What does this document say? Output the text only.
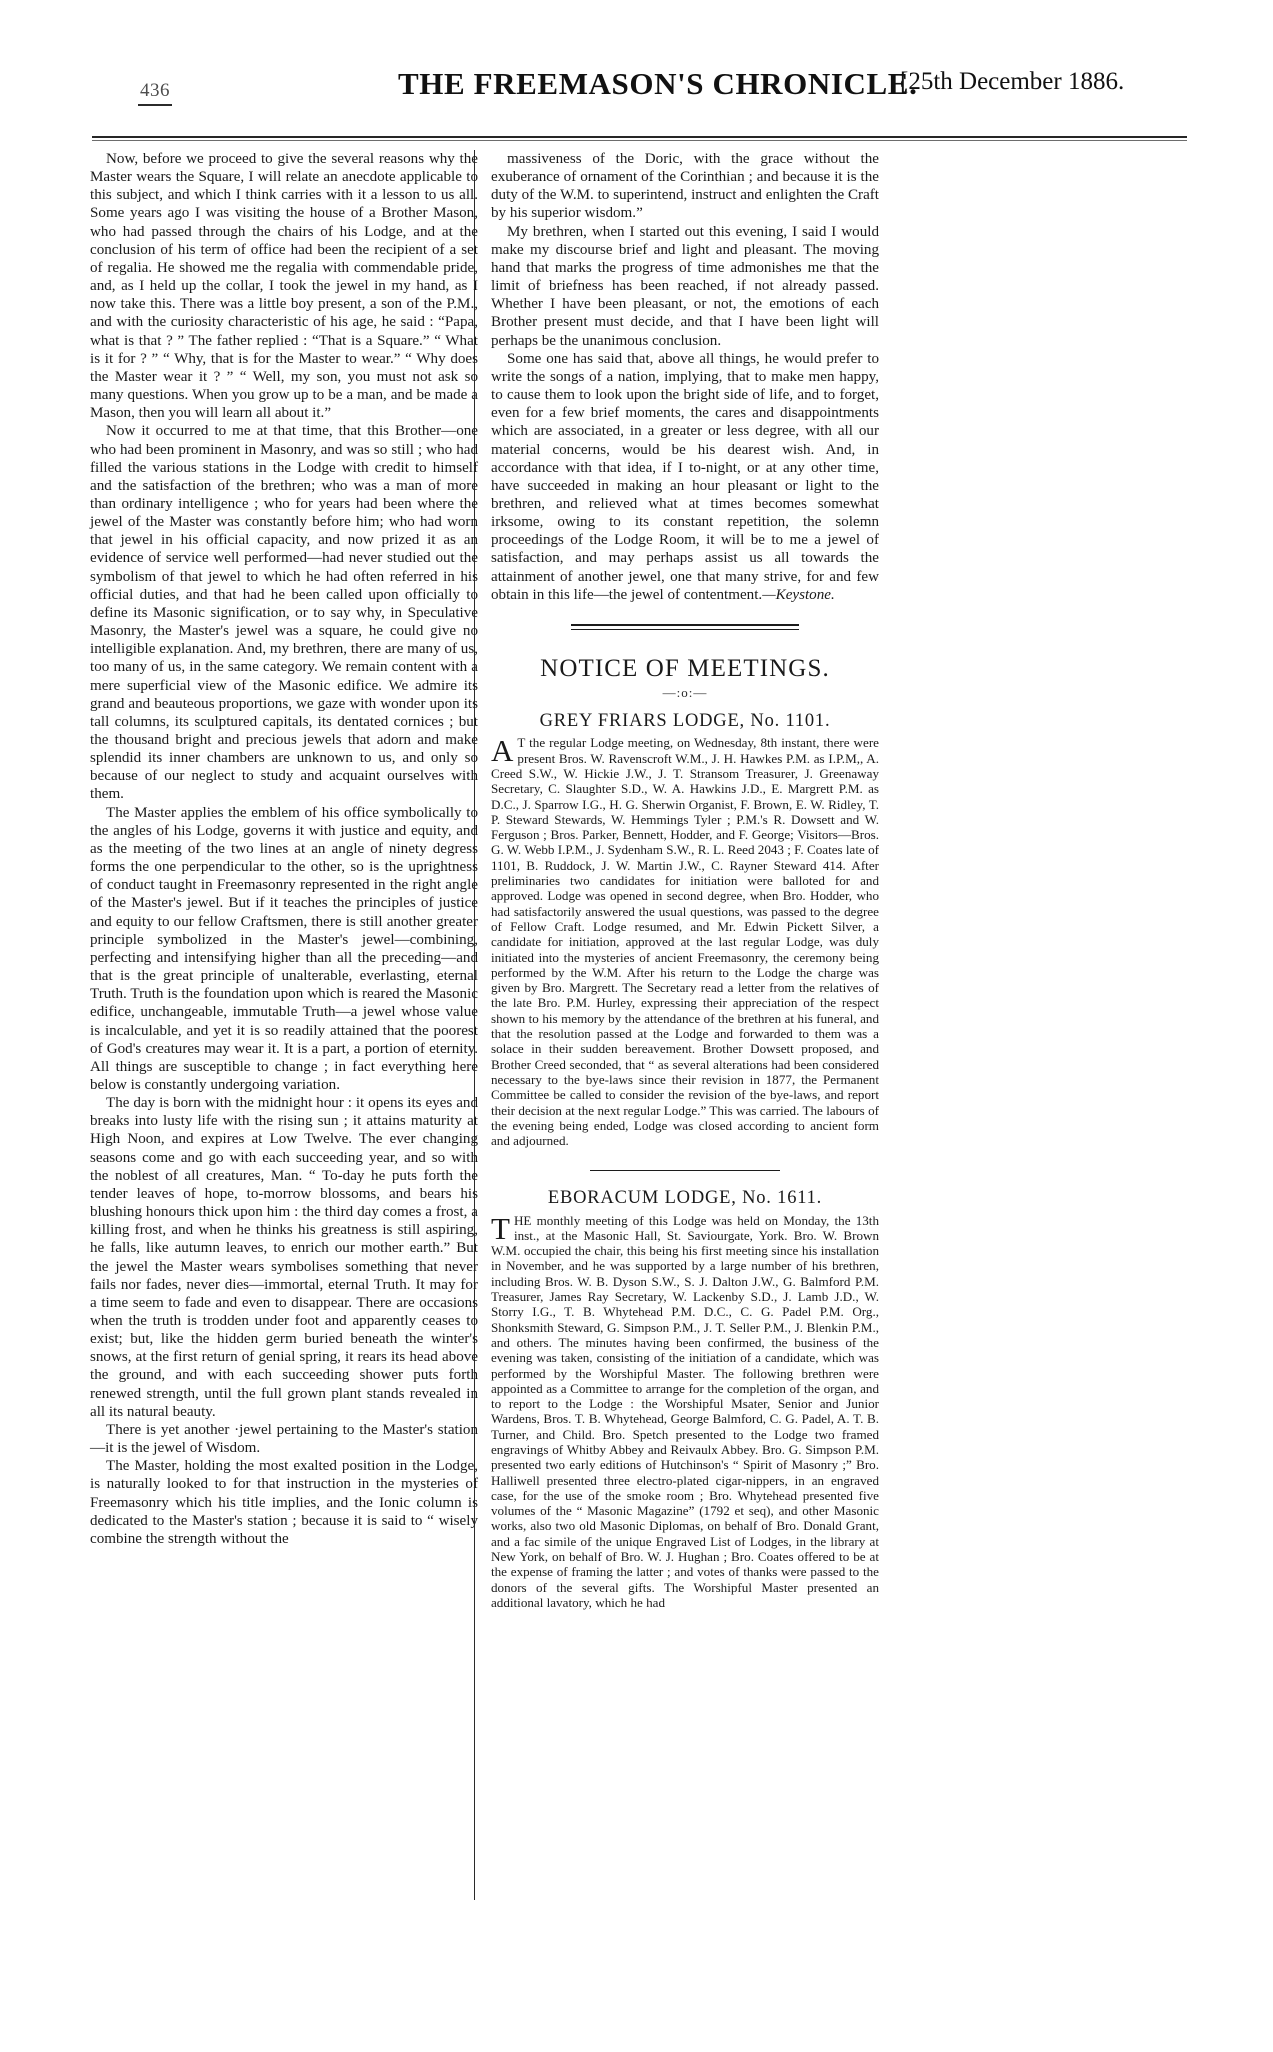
436	THE FREEMASON'S CHRONICLE.
[25th December 1886.

Now, before we proceed to give the several reasons why the Master wears the Square, I will relate an anecdote applicable to this subject, and which I think carries with it a lesson to us all. Some years ago I was visiting the house of a Brother Mason, who had passed through the chairs of his Lodge, and at the conclusion of his term of office had been the recipient of a set of regalia. He showed me the regalia with commendable pride, and, as I held up the collar, I took the jewel in my hand, as I now take this. There was a little boy present, a son of the P.M., and with the curiosity characteristic of his age, he said : “Papa, what is that ? ” The father replied : “That is a Square.” “ What is it for ? ” “ Why, that is for the Master to wear.” “ Why does the Master wear it ? ” “ Well, my son, you must not ask so many questions. When you grow up to be a man, and be made a Mason, then you will learn all about it.”

Now it occurred to me at that time, that this Brother—one who had been prominent in Masonry, and was so still ; who had filled the various stations in the Lodge with credit to himself and the satisfaction of the brethren; who was a man of more than ordinary intelligence ; who for years had been where the jewel of the Master was constantly before him; who had worn that jewel in his official capacity, and now prized it as an evidence of service well performed—had never studied out the symbolism of that jewel to which he had often referred in his official duties, and that had he been called upon officially to define its Masonic signification, or to say why, in Speculative Masonry, the Master's jewel was a square, he could give no intelligible explanation. And, my brethren, there are many of us, too many of us, in the same category. We remain content with a mere superficial view of the Masonic edifice. We admire its grand and beauteous proportions, we gaze with wonder upon its tall columns, its sculptured capitals, its dentated cornices ; but the thousand bright and precious jewels that adorn and make splendid its inner chambers are unknown to us, and only so because of our neglect to study and acquaint ourselves with them.

The Master applies the emblem of his office symbolically to the angles of his Lodge, governs it with justice and equity, and as the meeting of the two lines at an angle of ninety degress forms the one perpendicular to the other, so is the uprightness of conduct taught in Freemasonry represented in the right angle of the Master's jewel. But if it teaches the principles of justice and equity to our fellow Craftsmen, there is still another greater principle symbolized in the Master's jewel—combining, perfecting and intensifying higher than all the preceding—and that is the great principle of unalterable, everlasting, eternal Truth. Truth is the foundation upon which is reared the Masonic edifice, unchangeable, immutable Truth—a jewel whose value is incalculable, and yet it is so readily attained that the poorest of God's creatures may wear it. It is a part, a portion of eternity. All things are susceptible to change ; in fact everything here below is constantly undergoing variation.

The day is born with the midnight hour : it opens its eyes and breaks into lusty life with the rising sun ; it attains maturity at High Noon, and expires at Low Twelve. The ever changing seasons come and go with each succeeding year, and so with the noblest of all creatures, Man. “ To-day he puts forth the tender leaves of hope, to-morrow blossoms, and bears his blushing honours thick upon him : the third day comes a frost, a killing frost, and when he thinks his greatness is still aspiring, he falls, like autumn leaves, to enrich our mother earth.” But the jewel the Master wears symbolises something that never fails nor fades, never dies—immortal, eternal Truth. It may for a time seem to fade and even to disappear. There are occasions when the truth is trodden under foot and apparently ceases to exist; but, like the hidden germ buried beneath the winter's snows, at the first return of genial spring, it rears its head above the ground, and with each succeeding shower puts forth renewed strength, until the full grown plant stands revealed in all its natural beauty.

There is yet another ·jewel pertaining to the Master's station—it is the jewel of Wisdom.

The Master, holding the most exalted position in the Lodge, is naturally looked to for that instruction in the mysteries of Freemasonry which his title implies, and the Ionic column is dedicated to the Master's station ; because it is said to “ wisely combine the strength without the

massiveness of the Doric, with the grace without the exuberance of ornament of the Corinthian ; and because it is the duty of the W.M. to superintend, instruct and enlighten the Craft by his superior wisdom.”

My brethren, when I started out this evening, I said I would make my discourse brief and light and pleasant. The moving hand that marks the progress of time admonishes me that the limit of briefness has been reached, if not already passed. Whether I have been pleasant, or not, the emotions of each Brother present must decide, and that I have been light will perhaps be the unanimous conclusion.

Some one has said that, above all things, he would prefer to write the songs of a nation, implying, that to make men happy, to cause them to look upon the bright side of life, and to forget, even for a few brief moments, the cares and disappointments which are associated, in a greater or less degree, with all our material concerns, would be his dearest wish. And, in accordance with that idea, if I to-night, or at any other time, have succeeded in making an hour pleasant or light to the brethren, and relieved what at times becomes somewhat irksome, owing to its constant repetition, the solemn proceedings of the Lodge Room, it will be to me a jewel of satisfaction, and may perhaps assist us all towards the attainment of another jewel, one that many strive, for and few obtain in this life—the jewel of contentment.—Keystone.

NOTICE OF MEETINGS.
—:o:—
GREY FRIARS LODGE, No. 1101.

A T the regular Lodge meeting, on Wednesday, 8th instant, there were present Bros. W. Ravenscroft W.M., J. H. Hawkes P.M. as I.P.M,, A. Creed S.W., W. Hickie J.W., J. T. Stransom Treasurer, J. Greenaway Secretary, C. Slaughter S.D., W. A. Hawkins J.D., E. Margrett P.M. as D.C., J. Sparrow I.G., H. G. Sherwin Organist, F. Brown, E. W. Ridley, T. P. Steward Stewards, W. Hemmings Tyler ; P.M.'s R. Dowsett and W. Ferguson ; Bros. Parker, Bennett, Hodder, and F. George; Visitors—Bros. G. W. Webb I.P.M., J. Sydenham S.W., R. L. Reed 2043 ; F. Coates late of 1101, B. Ruddock, J. W. Martin J.W., C. Rayner Steward 414. After preliminaries two candidates for initiation were balloted for and approved. Lodge was opened in second degree, when Bro. Hodder, who had satisfactorily answered the usual questions, was passed to the degree of Fellow Craft. Lodge resumed, and Mr. Edwin Pickett Silver, a candidate for initiation, approved at the last regular Lodge, was duly initiated into the mysteries of ancient Freemasonry, the ceremony being performed by the W.M. After his return to the Lodge the charge was given by Bro. Margrett. The Secretary read a letter from the relatives of the late Bro. P.M. Hurley, expressing their appreciation of the respect shown to his memory by the attendance of the brethren at his funeral, and that the resolution passed at the Lodge and forwarded to them was a solace in their sudden bereavement. Brother Dowsett proposed, and Brother Creed seconded, that “ as several alterations had been considered necessary to the bye-laws since their revision in 1877, the Permanent Committee be called to consider the revision of the bye-laws, and report their decision at the next regular Lodge.” This was carried. The labours of the evening being ended, Lodge was closed according to ancient form and adjourned.

EBORACUM LODGE, No. 1611.

THE monthly meeting of this Lodge was held on Monday, the 13th inst., at the Masonic Hall, St. Saviourgate, York. Bro. W. Brown W.M. occupied the chair, this being his first meeting since his installation in November, and he was supported by a large number of his brethren, including Bros. W. B. Dyson S.W., S. J. Dalton J.W., G. Balmford P.M. Treasurer, James Ray Secretary, W. Lackenby S.D., J. Lamb J.D., W. Storry I.G., T. B. Whytehead P.M. D.C., C. G. Padel P.M. Org., Shonksmith Steward, G. Simpson P.M., J. T. Seller P.M., J. Blenkin P.M., and others. The minutes having been confirmed, the business of the evening was taken, consisting of the initiation of a candidate, which was performed by the Worshipful Master. The following brethren were appointed as a Committee to arrange for the completion of the organ, and to report to the Lodge : the Worshipful Msater, Senior and Junior Wardens, Bros. T. B. Whytehead, George Balmford, C. G. Padel, A. T. B. Turner, and Child. Bro. Spetch presented to the Lodge two framed engravings of Whitby Abbey and Reivaulx Abbey. Bro. G. Simpson P.M. presented two early editions of Hutchinson's “ Spirit of Masonry ;” Bro. Halliwell presented three electro-plated cigar-nippers, in an engraved case, for the use of the smoke room ; Bro. Whytehead presented five volumes of the “ Masonic Magazine” (1792 et seq), and other Masonic works, also two old Masonic Diplomas, on behalf of Bro. Donald Grant, and a fac simile of the unique Engraved List of Lodges, in the library at New York, on behalf of Bro. W. J. Hughan ; Bro. Coates offered to be at the expense of framing the latter ; and votes of thanks were passed to the donors of the several gifts. The Worshipful Master presented an additional lavatory, which he had
